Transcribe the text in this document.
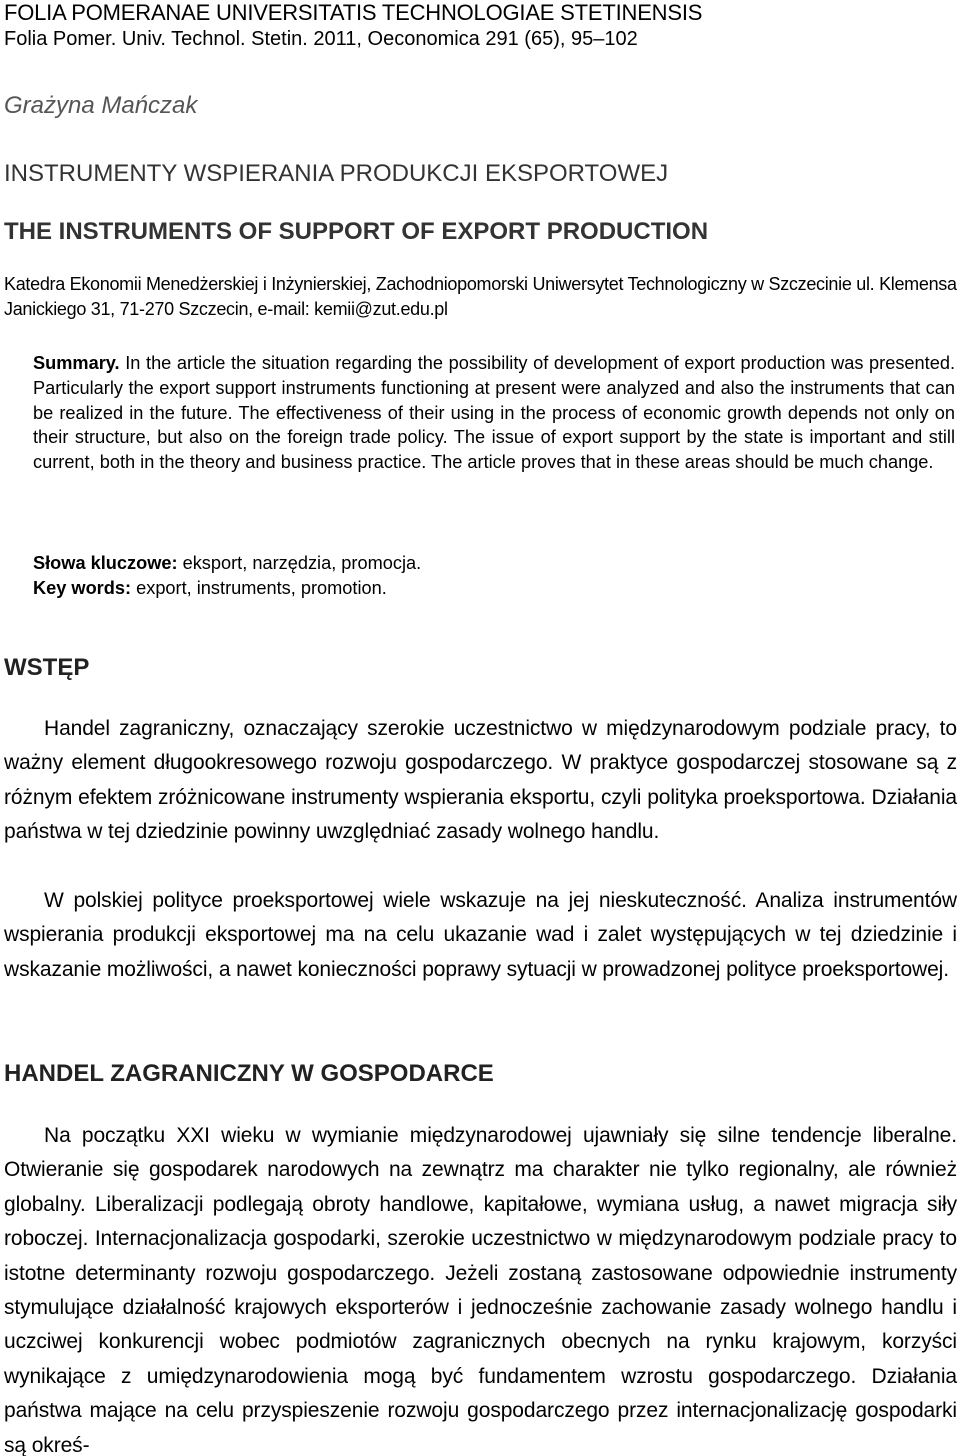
FOLIA POMERANAE UNIVERSITATIS TECHNOLOGIAE STETINENSIS

Folia Pomer. Univ. Technol. Stetin. 2011, Oeconomica 291 (65), 95–102

Grażyna Mańczak

INSTRUMENTY WSPIERANIA PRODUKCJI EKSPORTOWEJ

THE INSTRUMENTS OF SUPPORT OF EXPORT PRODUCTION

Katedra Ekonomii Menedżerskiej i Inżynierskiej, Zachodniopomorski Uniwersytet Technologiczny w Szczecinie ul. Klemensa Janickiego 31, 71-270 Szczecin, e-mail: kemii@zut.edu.pl

Summary. In the article the situation regarding the possibility of development of export production was presented. Particularly the export support instruments functioning at present were analyzed and also the instruments that can be realized in the future. The effectiveness of their using in the process of economic growth depends not only on their structure, but also on the foreign trade policy. The issue of export support by the state is important and still current, both in the theory and business practice. The article proves that in these areas should be much change.

Słowa kluczowe: eksport, narzędzia, promocja.

Key words: export, instruments, promotion.

WSTĘP

Handel zagraniczny, oznaczający szerokie uczestnictwo w międzynarodowym podziale pracy, to ważny element długookresowego rozwoju gospodarczego. W praktyce gospodarczej stosowane są z różnym efektem zróżnicowane instrumenty wspierania eksportu, czyli polityka proeksportowa. Działania państwa w tej dziedzinie powinny uwzględniać zasady wolnego handlu.

W polskiej polityce proeksportowej wiele wskazuje na jej nieskuteczność. Analiza instrumentów wspierania produkcji eksportowej ma na celu ukazanie wad i zalet występujących w tej dziedzinie i wskazanie możliwości, a nawet konieczności poprawy sytuacji w prowadzonej polityce proeksportowej.

HANDEL ZAGRANICZNY W GOSPODARCE

Na początku XXI wieku w wymianie międzynarodowej ujawniały się silne tendencje liberalne. Otwieranie się gospodarek narodowych na zewnątrz ma charakter nie tylko regionalny, ale również globalny. Liberalizacji podlegają obroty handlowe, kapitałowe, wymiana usług, a nawet migracja siły roboczej. Internacjonalizacja gospodarki, szerokie uczestnictwo w międzynarodowym podziale pracy to istotne determinanty rozwoju gospodarczego. Jeżeli zostaną zastosowane odpowiednie instrumenty stymulujące działalność krajowych eksporterów i jednocześnie zachowanie zasady wolnego handlu i uczciwej konkurencji wobec podmiotów zagranicznych obecnych na rynku krajowym, korzyści wynikające z umiędzynarodowienia mogą być fundamentem wzrostu gospodarczego. Działania państwa mające na celu przyspieszenie rozwoju gospodarczego przez internacjonalizację gospodarki są okreś-
